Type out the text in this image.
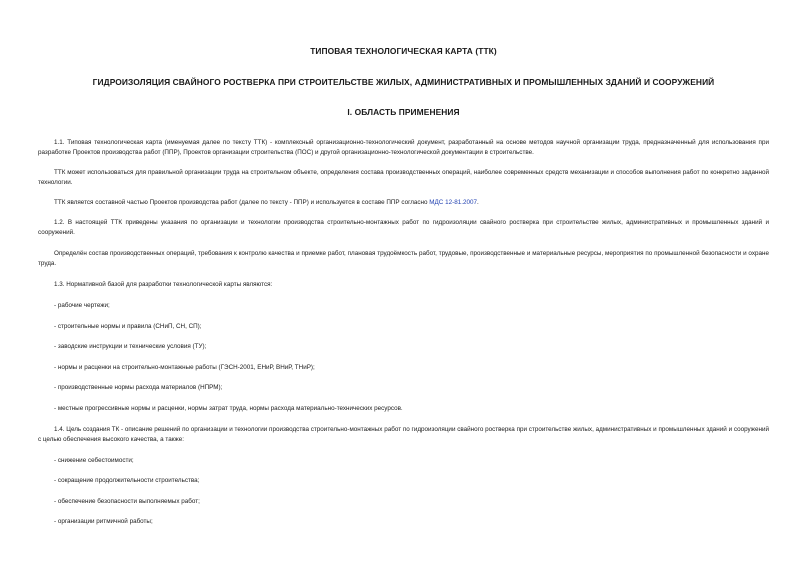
ТИПОВАЯ ТЕХНОЛОГИЧЕСКАЯ КАРТА (ТТК)
ГИДРОИЗОЛЯЦИЯ СВАЙНОГО РОСТВЕРКА ПРИ СТРОИТЕЛЬСТВЕ ЖИЛЫХ, АДМИНИСТРАТИВНЫХ И ПРОМЫШЛЕННЫХ ЗДАНИЙ И СООРУЖЕНИЙ
I. ОБЛАСТЬ ПРИМЕНЕНИЯ

1.1. Типовая технологическая карта (именуемая далее по тексту ТТК) - комплексный организационно-технологический документ, разработанный на основе методов научной организации труда, предназначенный для использования при разработке Проектов производства работ (ППР), Проектов организации строительства (ПОС) и другой организационно-технологической документации в строительстве.

ТТК может использоваться для правильной организации труда на строительном объекте, определения состава производственных операций, наиболее современных средств механизации и способов выполнения работ по конкретно заданной технологии.

ТТК является составной частью Проектов производства работ (далее по тексту - ППР) и используется в составе ППР согласно МДС 12-81.2007.

1.2. В настоящей ТТК приведены указания по организации и технологии производства строительно-монтажных работ по гидроизоляции свайного ростверка при строительстве жилых, административных и промышленных зданий и сооружений.

Определён состав производственных операций, требования к контролю качества и приемке работ, плановая трудоёмкость работ, трудовые, производственные и материальные ресурсы, мероприятия по промышленной безопасности и охране труда.

1.3. Нормативной базой для разработки технологической карты являются:

- рабочие чертежи;
- строительные нормы и правила (СНиП, СН, СП);
- заводские инструкции и технические условия (ТУ);
- нормы и расценки на строительно-монтажные работы (ГЭСН-2001, ЕНиР, ВНиР, ТНиР);
- производственные нормы расхода материалов (НПРМ);
- местные прогрессивные нормы и расценки, нормы затрат труда, нормы расхода материально-технических ресурсов.

1.4. Цель создания ТК - описание решений по организации и технологии производства строительно-монтажных работ по гидроизоляции свайного ростверка при строительстве жилых, административных и промышленных зданий и сооружений с целью обеспечения высокого качества, а также:

- снижение себестоимости;
- сокращение продолжительности строительства;
- обеспечение безопасности выполняемых работ;
- организации ритмичной работы;
